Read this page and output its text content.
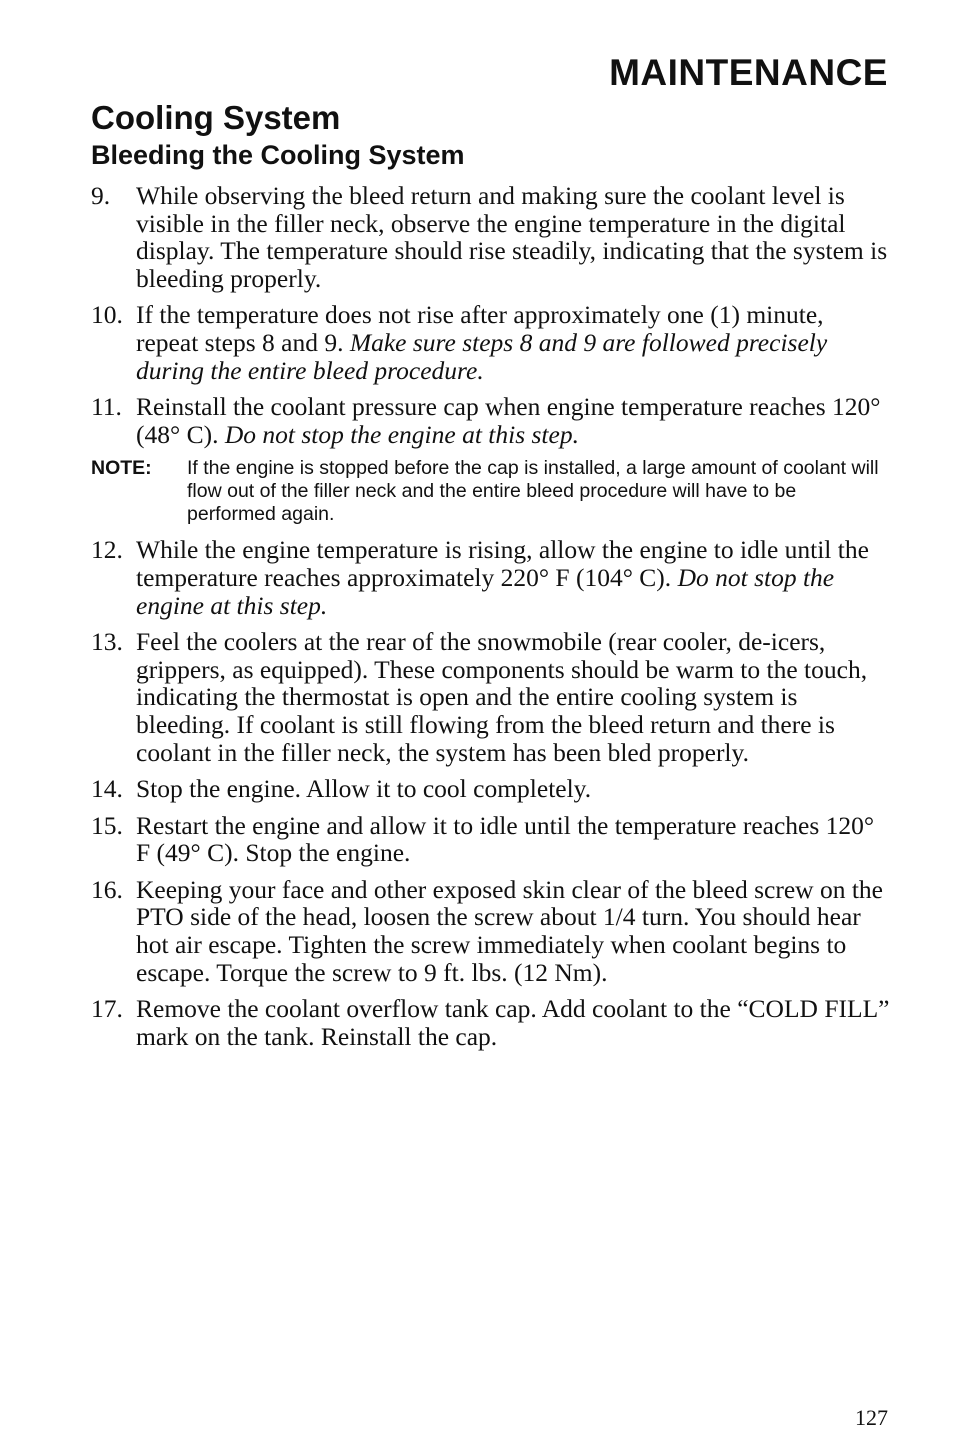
MAINTENANCE
Cooling System
Bleeding the Cooling System
9.	While observing the bleed return and making sure the coolant level is visible in the filler neck, observe the engine temperature in the digital display. The temperature should rise steadily, indicating that the system is bleeding properly.
10. If the temperature does not rise after approximately one (1) minute, repeat steps 8 and 9. Make sure steps 8 and 9 are followed precisely during the entire bleed procedure.
11. Reinstall the coolant pressure cap when engine temperature reaches 120° (48° C). Do not stop the engine at this step.
NOTE:	If the engine is stopped before the cap is installed, a large amount of coolant will flow out of the filler neck and the entire bleed procedure will have to be performed again.
12. While the engine temperature is rising, allow the engine to idle until the temperature reaches approximately 220° F (104° C). Do not stop the engine at this step.
13. Feel the coolers at the rear of the snowmobile (rear cooler, de-icers, grippers, as equipped). These components should be warm to the touch, indicating the thermostat is open and the entire cooling system is bleeding. If coolant is still flowing from the bleed return and there is coolant in the filler neck, the system has been bled properly.
14. Stop the engine. Allow it to cool completely.
15. Restart the engine and allow it to idle until the temperature reaches 120° F (49° C). Stop the engine.
16. Keeping your face and other exposed skin clear of the bleed screw on the PTO side of the head, loosen the screw about 1/4 turn. You should hear hot air escape. Tighten the screw immediately when coolant begins to escape. Torque the screw to 9 ft. lbs. (12 Nm).
17. Remove the coolant overflow tank cap. Add coolant to the “COLD FILL” mark on the tank. Reinstall the cap.
127
